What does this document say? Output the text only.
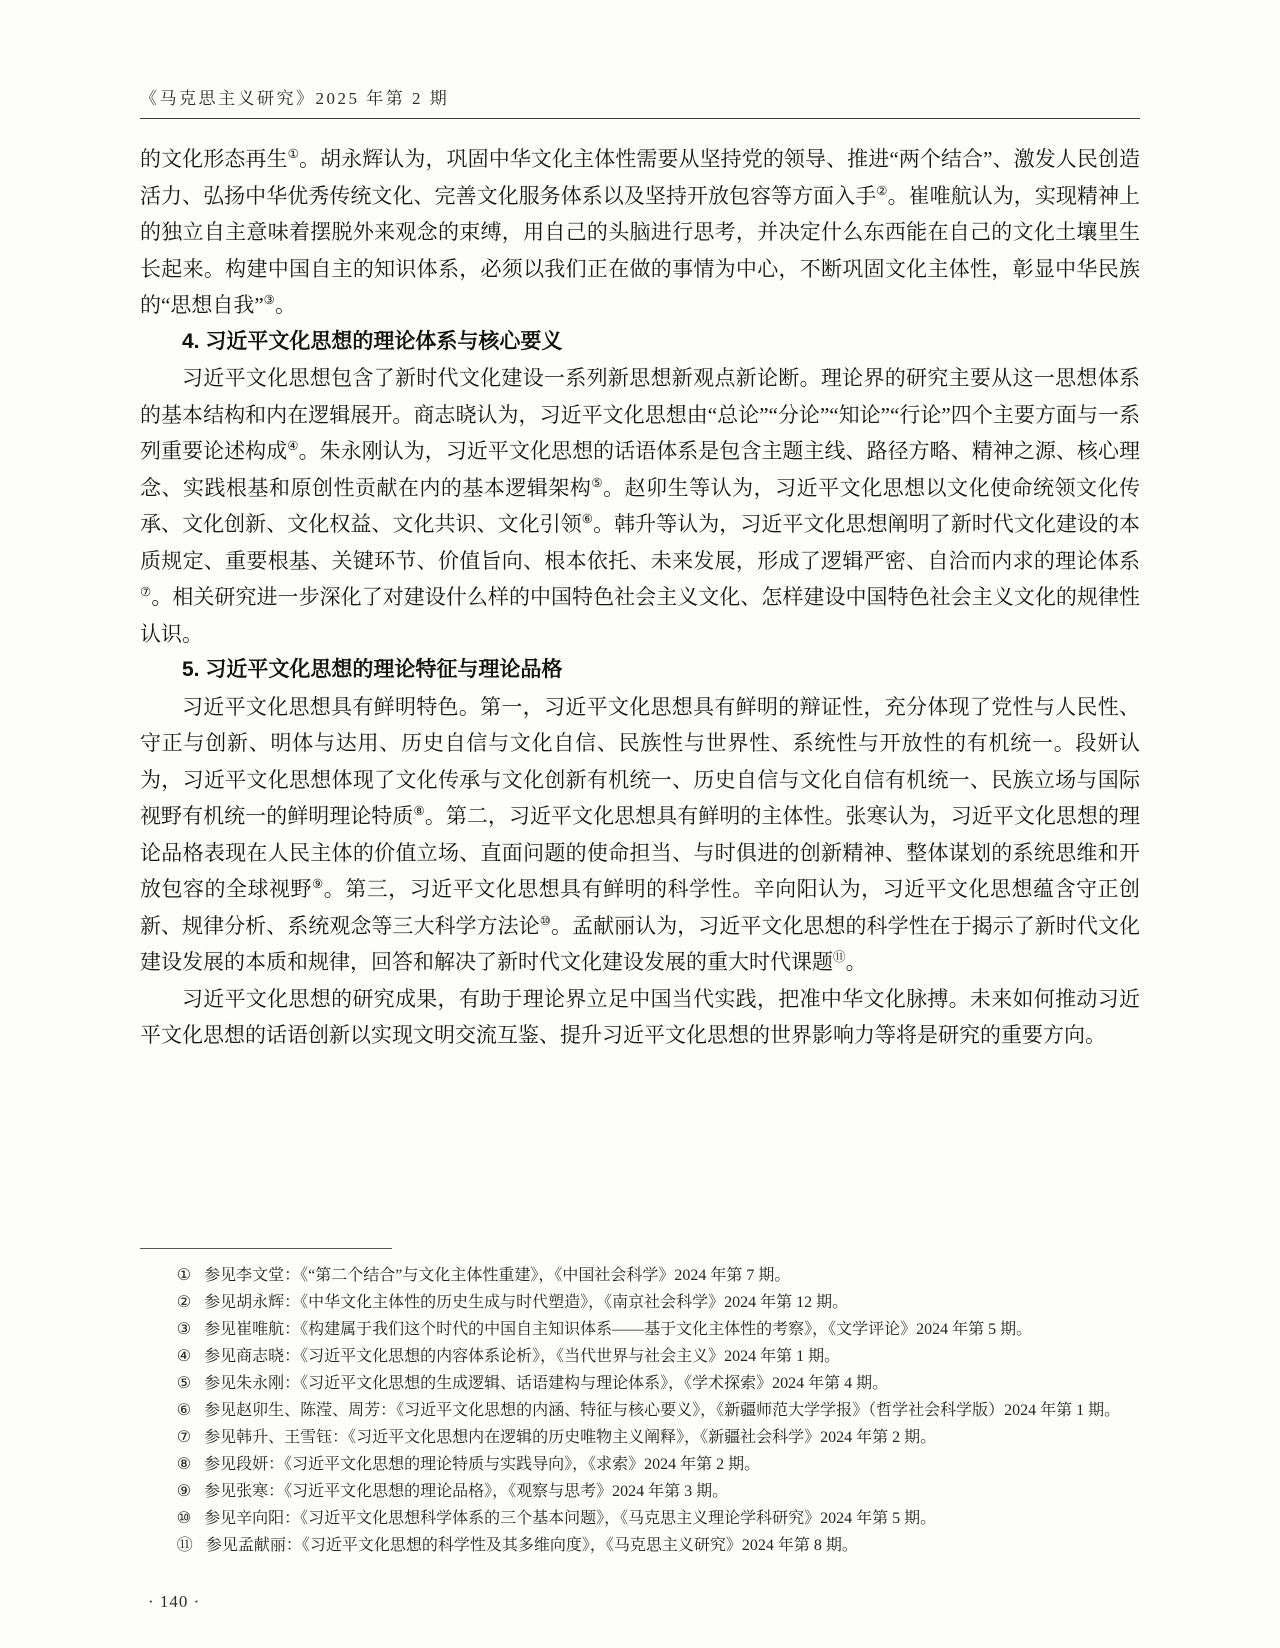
《马克思主义研究》2025 年第 2 期

的文化形态再生①。胡永辉认为，巩固中华文化主体性需要从坚持党的领导、推进“两个结合”、激发人民创造活力、弘扬中华优秀传统文化、完善文化服务体系以及坚持开放包容等方面入手②。崔唯航认为，实现精神上的独立自主意味着摆脱外来观念的束缚，用自己的头脑进行思考，并决定什么东西能在自己的文化土壤里生长起来。构建中国自主的知识体系，必须以我们正在做的事情为中心，不断巩固文化主体性，彰显中华民族的“思想自我”③。

4. 习近平文化思想的理论体系与核心要义

习近平文化思想包含了新时代文化建设一系列新思想新观点新论断。理论界的研究主要从这一思想体系的基本结构和内在逻辑展开。商志晓认为，习近平文化思想由“总论”“分论”“知论”“行论”四个主要方面与一系列重要论述构成④。朱永刚认为，习近平文化思想的话语体系是包含主题主线、路径方略、精神之源、核心理念、实践根基和原创性贡献在内的基本逻辑架构⑤。赵卯生等认为，习近平文化思想以文化使命统领文化传承、文化创新、文化权益、文化共识、文化引领⑥。韩升等认为，习近平文化思想阐明了新时代文化建设的本质规定、重要根基、关键环节、价值旨向、根本依托、未来发展，形成了逻辑严密、自洽而内求的理论体系⑦。相关研究进一步深化了对建设什么样的中国特色社会主义文化、怎样建设中国特色社会主义文化的规律性认识。

5. 习近平文化思想的理论特征与理论品格

习近平文化思想具有鲜明特色。第一，习近平文化思想具有鲜明的辩证性，充分体现了党性与人民性、守正与创新、明体与达用、历史自信与文化自信、民族性与世界性、系统性与开放性的有机统一。段妍认为，习近平文化思想体现了文化传承与文化创新有机统一、历史自信与文化自信有机统一、民族立场与国际视野有机统一的鲜明理论特质⑧。第二，习近平文化思想具有鲜明的主体性。张寒认为，习近平文化思想的理论品格表现在人民主体的价值立场、直面问题的使命担当、与时俱进的创新精神、整体谋划的系统思维和开放包容的全球视野⑨。第三，习近平文化思想具有鲜明的科学性。辛向阳认为，习近平文化思想蕴含守正创新、规律分析、系统观念等三大科学方法论⑩。孟献丽认为，习近平文化思想的科学性在于揭示了新时代文化建设发展的本质和规律，回答和解决了新时代文化建设发展的重大时代课题⑪。

习近平文化思想的研究成果，有助于理论界立足中国当代实践，把准中华文化脉搏。未来如何推动习近平文化思想的话语创新以实现文明交流互鉴、提升习近平文化思想的世界影响力等将是研究的重要方向。

① 参见李文堂：《“第二个结合”与文化主体性重建》，《中国社会科学》2024 年第 7 期。

② 参见胡永辉：《中华文化主体性的历史生成与时代塑造》，《南京社会科学》2024 年第 12 期。

③ 参见崔唯航：《构建属于我们这个时代的中国自主知识体系——基于文化主体性的考察》，《文学评论》2024 年第 5 期。

④ 参见商志晓：《习近平文化思想的内容体系论析》，《当代世界与社会主义》2024 年第 1 期。

⑤ 参见朱永刚：《习近平文化思想的生成逻辑、话语建构与理论体系》，《学术探索》2024 年第 4 期。

⑥ 参见赵卯生、陈滢、周芳：《习近平文化思想的内涵、特征与核心要义》，《新疆师范大学学报》（哲学社会科学版）2024 年第 1 期。

⑦ 参见韩升、王雪钰：《习近平文化思想内在逻辑的历史唯物主义阐释》，《新疆社会科学》2024 年第 2 期。

⑧ 参见段妍：《习近平文化思想的理论特质与实践导向》，《求索》2024 年第 2 期。

⑨ 参见张寒：《习近平文化思想的理论品格》，《观察与思考》2024 年第 3 期。

⑩ 参见辛向阳：《习近平文化思想科学体系的三个基本问题》，《马克思主义理论学科研究》2024 年第 5 期。

⑪ 参见孟献丽：《习近平文化思想的科学性及其多维向度》，《马克思主义研究》2024 年第 8 期。

· 140 ·
